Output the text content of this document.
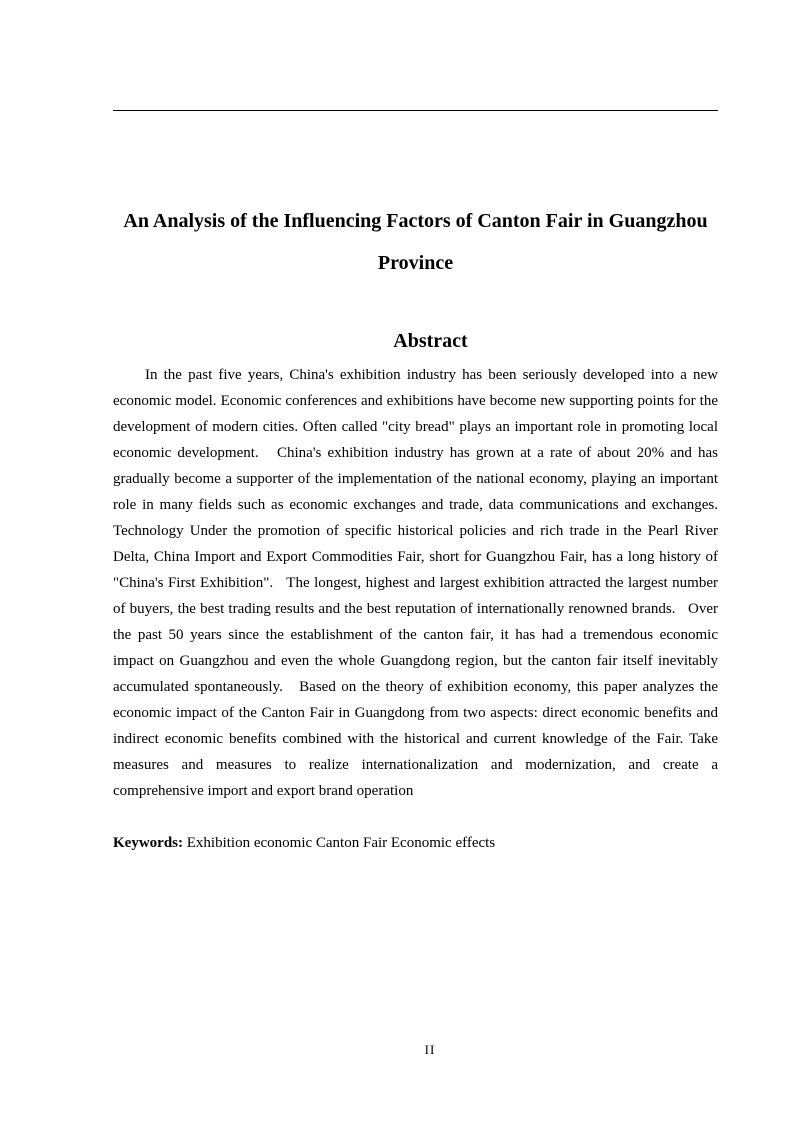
An Analysis of the Influencing Factors of Canton Fair in Guangzhou Province
Abstract

In the past five years, China's exhibition industry has been seriously developed into a new economic model. Economic conferences and exhibitions have become new supporting points for the development of modern cities. Often called "city bread" plays an important role in promoting local economic development.   China's exhibition industry has grown at a rate of about 20% and has gradually become a supporter of the implementation of the national economy, playing an important role in many fields such as economic exchanges and trade, data communications and exchanges.   Technology Under the promotion of specific historical policies and rich trade in the Pearl River Delta, China Import and Export Commodities Fair, short for Guangzhou Fair, has a long history of "China's First Exhibition".   The longest, highest and largest exhibition attracted the largest number of buyers, the best trading results and the best reputation of internationally renowned brands.   Over the past 50 years since the establishment of the canton fair, it has had a tremendous economic impact on Guangzhou and even the whole Guangdong region, but the canton fair itself inevitably accumulated spontaneously.   Based on the theory of exhibition economy, this paper analyzes the economic impact of the Canton Fair in Guangdong from two aspects: direct economic benefits and indirect economic benefits combined with the historical and current knowledge of the Fair. Take measures and measures to realize internationalization and modernization, and create a comprehensive import and export brand operation

Keywords: Exhibition economic Canton Fair Economic effects

II
